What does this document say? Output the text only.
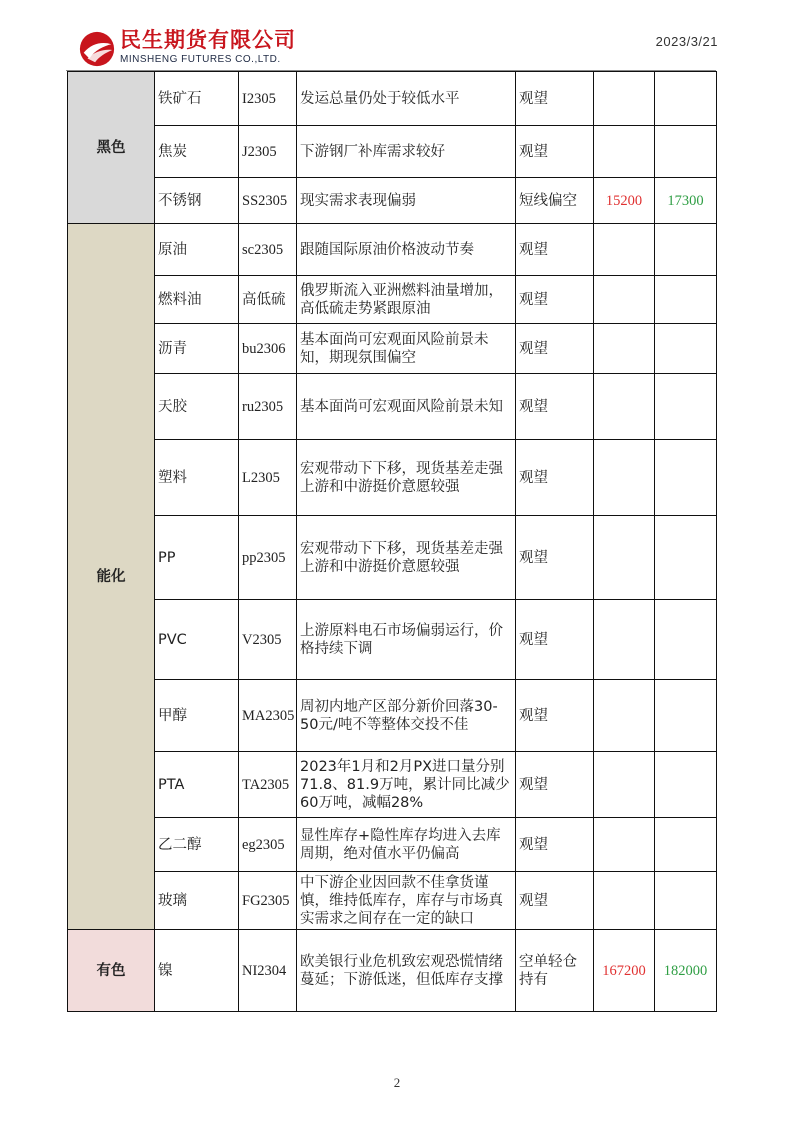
民生期货有限公司
MINSHENG FUTURES CO.,LTD.
2023/3/21
黑色	铁矿石	I2305	发运总量仍处于较低水平	观望		
	焦炭	J2305	下游钢厂补库需求较好	观望		
	不锈钢	SS2305	现实需求表现偏弱	短线偏空	15200	17300
能化	原油	sc2305	跟随国际原油价格波动节奏	观望		
	燃料油	高低硫	俄罗斯流入亚洲燃料油量增加，高低硫走势紧跟原油	观望		
	沥青	bu2306	基本面尚可宏观面风险前景未知，期现氛围偏空	观望		
	天胶	ru2305	基本面尚可宏观面风险前景未知	观望		
	塑料	L2305	宏观带动下下移，现货基差走强上游和中游挺价意愿较强	观望		
	PP	pp2305	宏观带动下下移，现货基差走强上游和中游挺价意愿较强	观望		
	PVC	V2305	上游原料电石市场偏弱运行，价格持续下调	观望		
	甲醇	MA2305	周初内地产区部分新价回落30-50元/吨不等整体交投不佳	观望		
	PTA	TA2305	2023年1月和2月PX进口量分别71.8、81.9万吨，累计同比减少60万吨，减幅28%	观望		
	乙二醇	eg2305	显性库存+隐性库存均进入去库周期，绝对值水平仍偏高	观望		
	玻璃	FG2305	中下游企业因回款不佳拿货谨慎，维持低库存，库存与市场真实需求之间存在一定的缺口	观望		
有色	镍	NI2304	欧美银行业危机致宏观恐慌情绪蔓延；下游低迷，但低库存支撑	空单轻仓持有	167200	182000
2
